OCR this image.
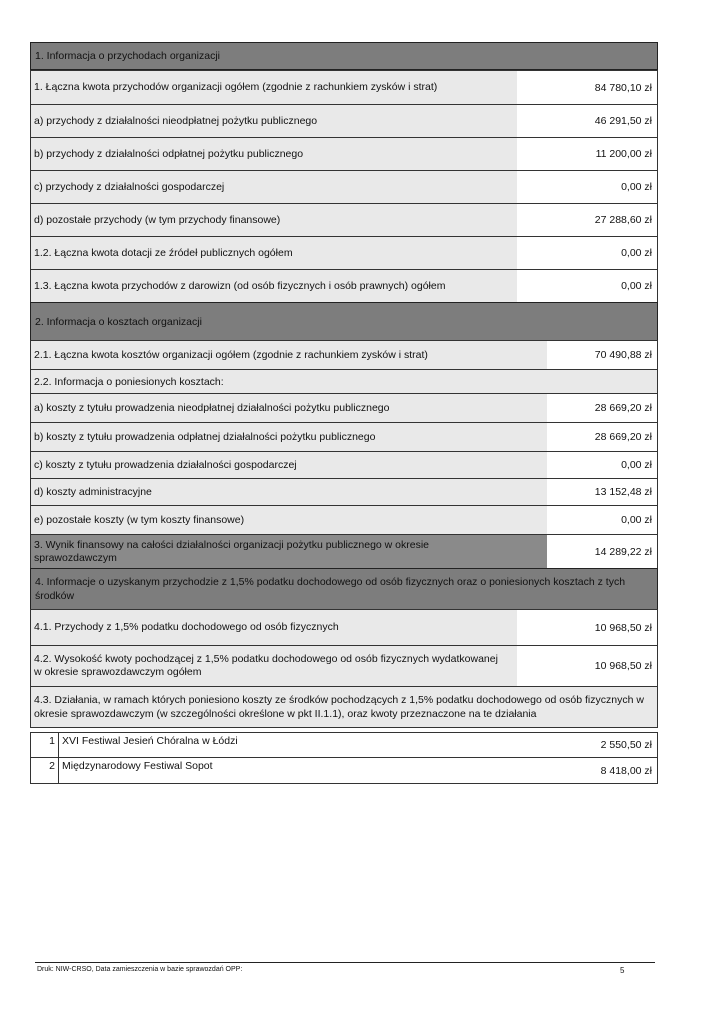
1. Informacja o przychodach organizacji
1. Łączna kwota przychodów organizacji ogółem (zgodnie z rachunkiem zysków i strat)	84 780,10 zł
a) przychody z działalności nieodpłatnej pożytku publicznego	46 291,50 zł
b) przychody z działalności odpłatnej pożytku publicznego	11 200,00 zł
c) przychody z działalności gospodarczej	0,00 zł
d) pozostałe przychody (w tym przychody finansowe)	27 288,60 zł
1.2. Łączna kwota dotacji ze źródeł publicznych ogółem	0,00 zł
1.3. Łączna kwota przychodów z darowizn (od osób fizycznych i osób prawnych) ogółem	0,00 zł
2. Informacja o kosztach organizacji
2.1. Łączna kwota kosztów organizacji ogółem (zgodnie z rachunkiem zysków i strat)	70 490,88 zł
2.2. Informacja o poniesionych kosztach:
a) koszty z tytułu prowadzenia nieodpłatnej działalności pożytku publicznego	28 669,20 zł
b) koszty z tytułu prowadzenia odpłatnej działalności pożytku publicznego	28 669,20 zł
c) koszty z tytułu prowadzenia działalności gospodarczej	0,00 zł
d) koszty administracyjne	13 152,48 zł
e) pozostałe koszty (w tym koszty finansowe)	0,00 zł
3. Wynik finansowy na całości działalności organizacji pożytku publicznego w okresie sprawozdawczym	14 289,22 zł
4. Informacje o uzyskanym przychodzie z 1,5% podatku dochodowego od osób fizycznych oraz o poniesionych kosztach z tych środków
4.1. Przychody z 1,5% podatku dochodowego od osób fizycznych	10 968,50 zł
4.2. Wysokość kwoty pochodzącej z 1,5% podatku dochodowego od osób fizycznych wydatkowanej w okresie sprawozdawczym ogółem	10 968,50 zł
4.3. Działania, w ramach których poniesiono koszty ze środków pochodzących z 1,5% podatku dochodowego od osób fizycznych w okresie sprawozdawczym (w szczególności określone w pkt II.1.1), oraz kwoty przeznaczone na te działania
1 XVI Festiwal Jesień Chóralna w Łódzi	2 550,50 zł
2 Międzynarodowy Festiwal Sopot	8 418,00 zł
Druk: NIW-CRSO, Data zamieszczenia w bazie sprawozdań OPP:	5
